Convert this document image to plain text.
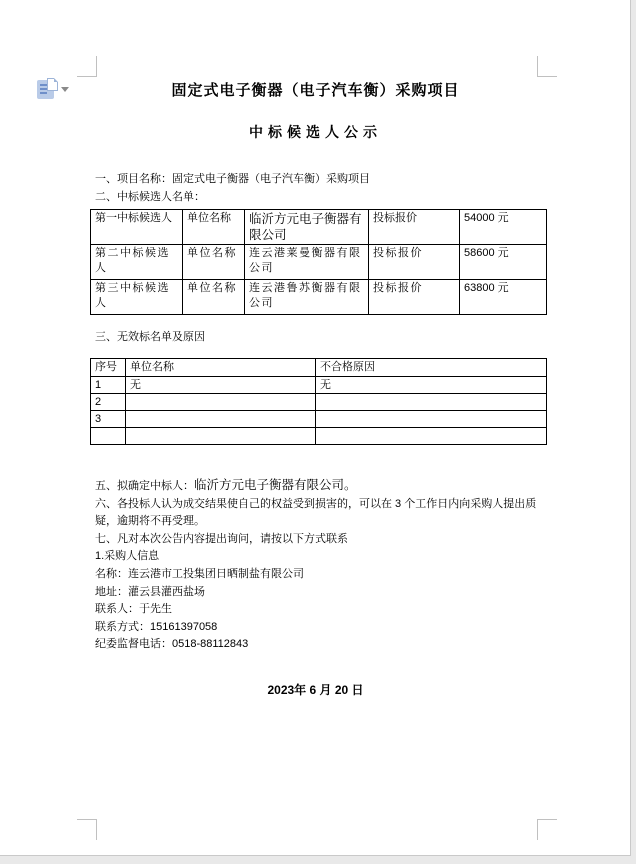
固定式电子衡器（电子汽车衡）采购项目
中标候选人公示
一、项目名称：固定式电子衡器（电子汽车衡）采购项目
二、中标候选人名单：
第一中标候选人	单位名称	临沂方元电子衡器有限公司	投标报价	54000 元
第二中标候选人	单位名称	连云港莱曼衡器有限公司	投标报价	58600 元
第三中标候选人	单位名称	连云港鲁苏衡器有限公司	投标报价	63800 元
三、无效标名单及原因
序号	单位名称	不合格原因
1	无	无
2		
3		

五、拟确定中标人：临沂方元电子衡器有限公司。
六、各投标人认为成交结果使自己的权益受到损害的，可以在 3 个工作日内向采购人提出质疑，逾期将不再受理。
七、凡对本次公告内容提出询问，请按以下方式联系
1.采购人信息
名称：连云港市工投集团日晒制盐有限公司
地址：灌云县灌西盐场
联系人：于先生
联系方式：15161397058
纪委监督电话：0518-88112843
2023年 6 月 20 日
